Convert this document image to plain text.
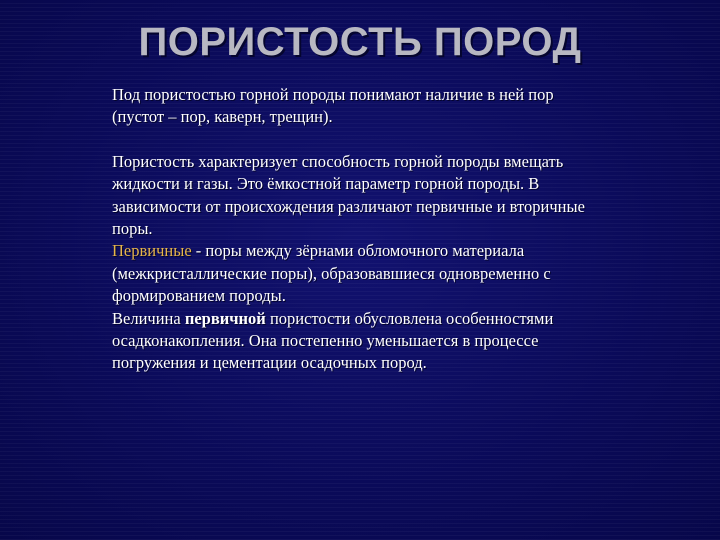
ПОРИСТОСТЬ ПОРОД

Под пористостью горной породы понимают наличие в ней пор (пустот – пор, каверн, трещин).

Пористость характеризует способность горной породы вмещать жидкости и газы. Это ёмкостной параметр горной породы. В зависимости от происхождения различают первичные и вторичные поры.

Первичные - поры между зёрнами обломочного материала (межкристаллические поры), образовавшиеся одновременно с формированием породы.

Величина первичной пористости обусловлена особенностями осадконакопления. Она постепенно уменьшается в процессе погружения и цементации осадочных пород.
